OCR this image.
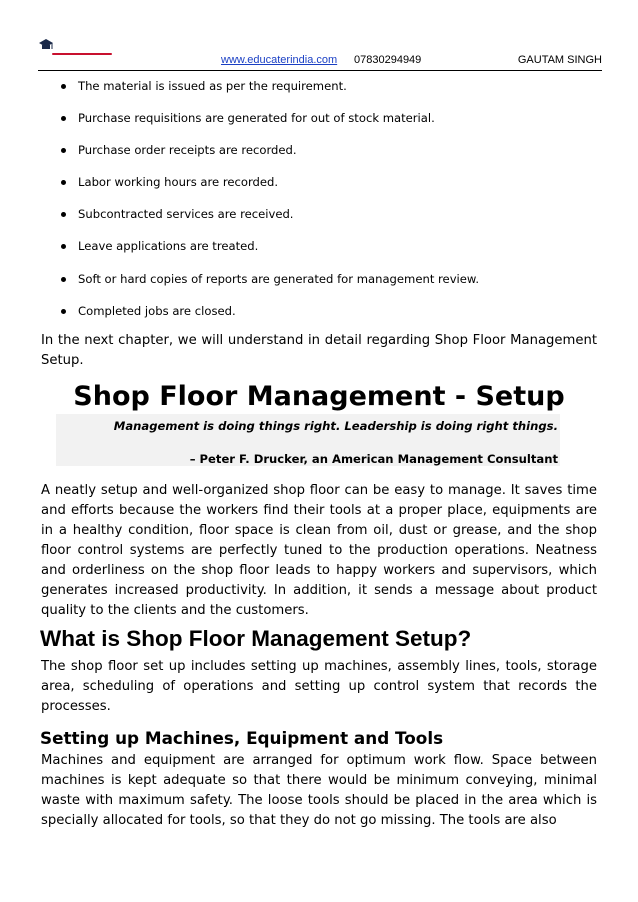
www.educaterindia.com 07830294949	GAUTAM SINGH
The material is issued as per the requirement.
Purchase requisitions are generated for out of stock material.
Purchase order receipts are recorded.
Labor working hours are recorded.
Subcontracted services are received.
Leave applications are treated.
Soft or hard copies of reports are generated for management review.
Completed jobs are closed.

In the next chapter, we will understand in detail regarding Shop Floor Management Setup.

Shop Floor Management - Setup
Management is doing things right. Leadership is doing right things.
– Peter F. Drucker, an American Management Consultant

A neatly setup and well-organized shop floor can be easy to manage. It saves time and efforts because the workers find their tools at a proper place, equipments are in a healthy condition, floor space is clean from oil, dust or grease, and the shop floor control systems are perfectly tuned to the production operations. Neatness and orderliness on the shop floor leads to happy workers and supervisors, which generates increased productivity. In addition, it sends a message about product quality to the clients and the customers.

What is Shop Floor Management Setup?

The shop floor set up includes setting up machines, assembly lines, tools, storage area, scheduling of operations and setting up control system that records the processes.

Setting up Machines, Equipment and Tools

Machines and equipment are arranged for optimum work flow. Space between machines is kept adequate so that there would be minimum conveying, minimal waste with maximum safety. The loose tools should be placed in the area which is specially allocated for tools, so that they do not go missing. The tools are also
